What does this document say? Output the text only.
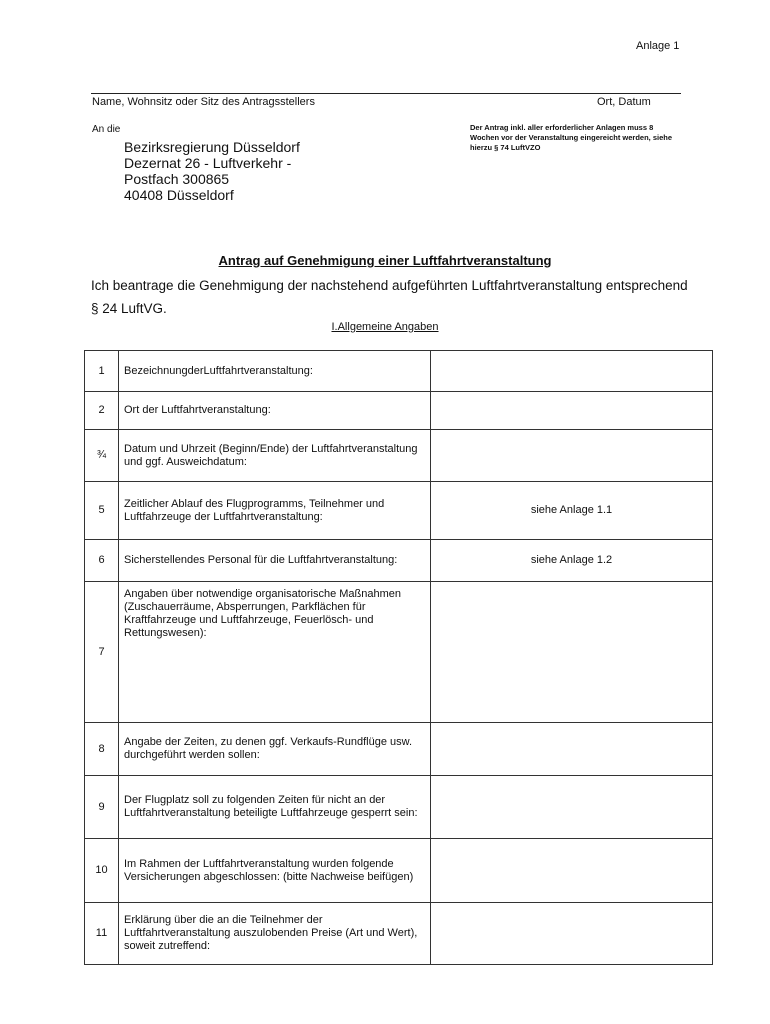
Anlage 1
Name, Wohnsitz oder Sitz des Antragsstellers	Ort, Datum
An die
Bezirksregierung Düsseldorf
Dezernat 26 - Luftverkehr -
Postfach 300865
40408 Düsseldorf
Der Antrag inkl. aller erforderlicher Anlagen muss 8 Wochen vor der Veranstaltung eingereicht werden, siehe hierzu § 74 LuftVZO
Antrag auf Genehmigung einer Luftfahrtveranstaltung
Ich beantrage die Genehmigung der nachstehend aufgeführten Luftfahrtveranstaltung entsprechend § 24 LuftVG.
I.Allgemeine Angaben
1	BezeichnungderLuftfahrtveranstaltung:	
2	Ort der Luftfahrtveranstaltung:	
¾	Datum und Uhrzeit (Beginn/Ende) der Luftfahrtveranstaltung und ggf. Ausweichdatum:	
5	Zeitlicher Ablauf des Flugprogramms, Teilnehmer und Luftfahrzeuge der Luftfahrtveranstaltung:	siehe Anlage 1.1
6	Sicherstellendes Personal für die Luftfahrtveranstaltung:	siehe Anlage 1.2
7	Angaben über notwendige organisatorische Maßnahmen (Zuschauerräume, Absperrungen, Parkflächen für Kraftfahrzeuge und Luftfahrzeuge, Feuerlösch- und Rettungswesen):	
8	Angabe der Zeiten, zu denen ggf. Verkaufs-Rundflüge usw. durchgeführt werden sollen:	
9	Der Flugplatz soll zu folgenden Zeiten für nicht an der Luftfahrtveranstaltung beteiligte Luftfahrzeuge gesperrt sein:	
10	Im Rahmen der Luftfahrtveranstaltung wurden folgende Versicherungen abgeschlossen: (bitte Nachweise beifügen)	
11	Erklärung über die an die Teilnehmer der Luftfahrtveranstaltung auszulobenden Preise (Art und Wert), soweit zutreffend:	
